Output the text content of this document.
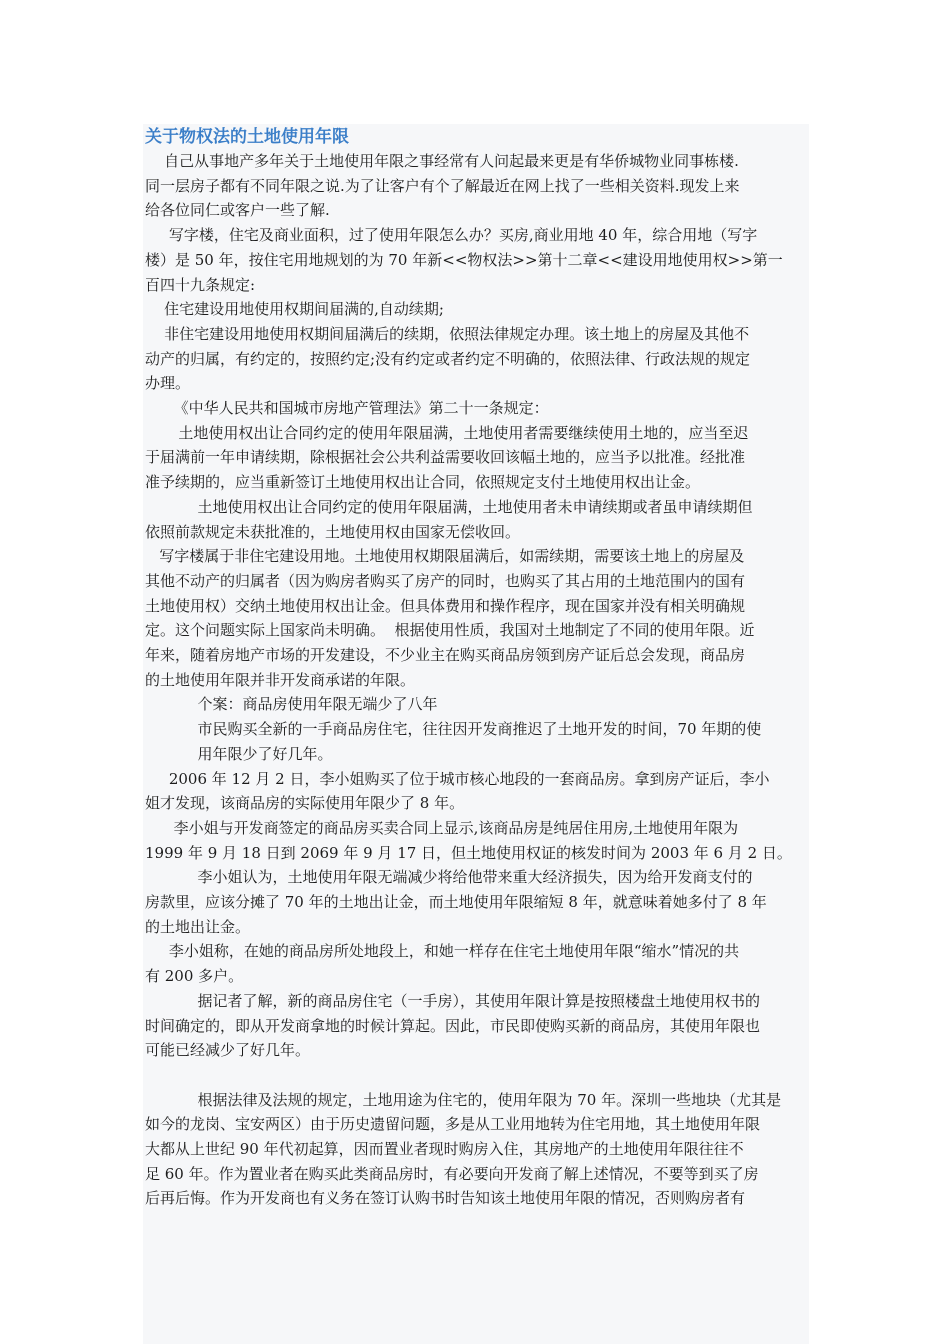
关于物权法的土地使用年限
自己从事地产多年关于土地使用年限之事经常有人问起最来更是有华侨城物业同事栋楼.
同一层房子都有不同年限之说.为了让客户有个了解最近在网上找了一些相关资料.现发上来
给各位同仁或客户一些了解.
写字楼，住宅及商业面积，过了使用年限怎么办？买房,商业用地 40 年，综合用地（写字
楼）是 50 年，按住宅用地规划的为 70 年新<<物权法>>第十二章<<建设用地使用权>>第一
百四十九条规定:
住宅建设用地使用权期间届满的,自动续期;
非住宅建设用地使用权期间届满后的续期，依照法律规定办理。该土地上的房屋及其他不
动产的归属，有约定的，按照约定;没有约定或者约定不明确的，依照法律、行政法规的规定
办理。
《中华人民共和国城市房地产管理法》第二十一条规定：
土地使用权出让合同约定的使用年限届满，土地使用者需要继续使用土地的，应当至迟
于届满前一年申请续期，除根据社会公共利益需要收回该幅土地的，应当予以批准。经批准
准予续期的，应当重新签订土地使用权出让合同，依照规定支付土地使用权出让金。
土地使用权出让合同约定的使用年限届满，土地使用者未申请续期或者虽申请续期但
依照前款规定未获批准的，土地使用权由国家无偿收回。
写字楼属于非住宅建设用地。土地使用权期限届满后，如需续期，需要该土地上的房屋及
其他不动产的归属者（因为购房者购买了房产的同时，也购买了其占用的土地范围内的国有
土地使用权）交纳土地使用权出让金。但具体费用和操作程序，现在国家并没有相关明确规
定。这个问题实际上国家尚未明确。  根据使用性质，我国对土地制定了不同的使用年限。近
年来，随着房地产市场的开发建设，不少业主在购买商品房领到房产证后总会发现，商品房
的土地使用年限并非开发商承诺的年限。
个案：商品房使用年限无端少了八年
市民购买全新的一手商品房住宅，往往因开发商推迟了土地开发的时间，70 年期的使
用年限少了好几年。
2006 年 12 月 2 日，李小姐购买了位于城市核心地段的一套商品房。拿到房产证后，李小
姐才发现，该商品房的实际使用年限少了 8 年。
李小姐与开发商签定的商品房买卖合同上显示,该商品房是纯居住用房,土地使用年限为
1999 年 9 月 18 日到 2069 年 9 月 17 日，但土地使用权证的核发时间为 2003 年 6 月 2 日。
李小姐认为，土地使用年限无端减少将给他带来重大经济损失，因为给开发商支付的
房款里，应该分摊了 70 年的土地出让金，而土地使用年限缩短 8 年，就意味着她多付了 8 年
的土地出让金。
李小姐称，在她的商品房所处地段上，和她一样存在住宅土地使用年限“缩水”情况的共
有 200 多户。
据记者了解，新的商品房住宅（一手房），其使用年限计算是按照楼盘土地使用权书的
时间确定的，即从开发商拿地的时候计算起。因此，市民即使购买新的商品房，其使用年限也
可能已经减少了好几年。
根据法律及法规的规定，土地用途为住宅的，使用年限为 70 年。深圳一些地块（尤其是
如今的龙岗、宝安两区）由于历史遗留问题，多是从工业用地转为住宅用地，其土地使用年限
大都从上世纪 90 年代初起算，因而置业者现时购房入住，其房地产的土地使用年限往往不
足 60 年。作为置业者在购买此类商品房时，有必要向开发商了解上述情况，不要等到买了房
后再后悔。作为开发商也有义务在签订认购书时告知该土地使用年限的情况，否则购房者有
